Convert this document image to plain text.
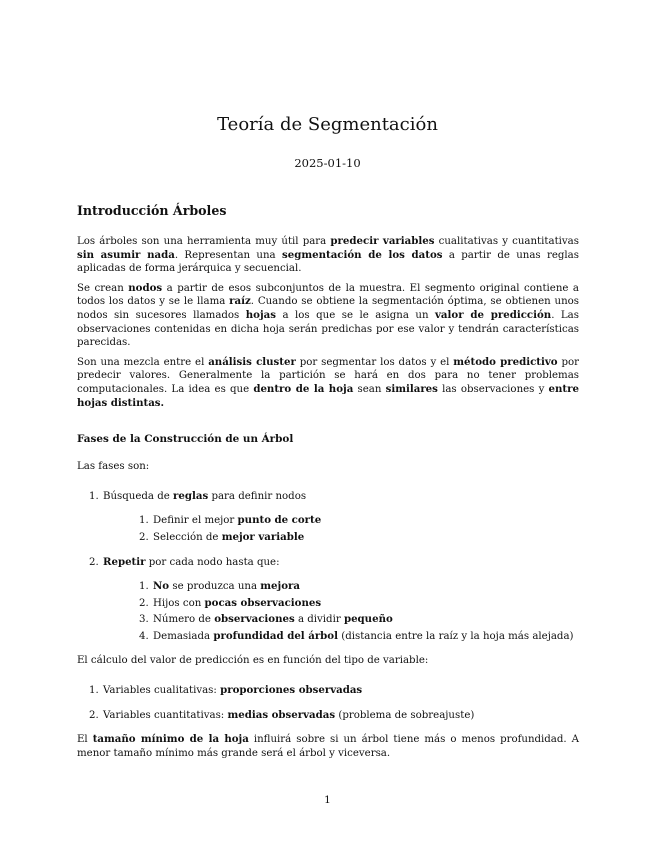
Teoría de Segmentación
2025-01-10
Introducción Árboles

Los árboles son una herramienta muy útil para predecir variables cualitativas y cuantitativas sin asumir nada. Representan una segmentación de los datos a partir de unas reglas aplicadas de forma jerárquica y secuencial.

Se crean nodos a partir de esos subconjuntos de la muestra. El segmento original contiene a todos los datos y se le llama raíz. Cuando se obtiene la segmentación óptima, se obtienen unos nodos sin sucesores llamados hojas a los que se le asigna un valor de predicción. Las observaciones contenidas en dicha hoja serán predichas por ese valor y tendrán características parecidas.

Son una mezcla entre el análisis cluster por segmentar los datos y el método predictivo por predecir valores. Generalmente la partición se hará en dos para no tener problemas computacionales. La idea es que dentro de la hoja sean similares las observaciones y entre hojas distintas.

Fases de la Construcción de un Árbol

Las fases son:

1. Búsqueda de reglas para definir nodos
1. Definir el mejor punto de corte
2. Selección de mejor variable
2. Repetir por cada nodo hasta que:
1. No se produzca una mejora
2. Hijos con pocas observaciones
3. Número de observaciones a dividir pequeño
4. Demasiada profundidad del árbol (distancia entre la raíz y la hoja más alejada)

El cálculo del valor de predicción es en función del tipo de variable:

1. Variables cualitativas: proporciones observadas
2. Variables cuantitativas: medias observadas (problema de sobreajuste)

El tamaño mínimo de la hoja influirá sobre si un árbol tiene más o menos profundidad. A menor tamaño mínimo más grande será el árbol y viceversa.

1
